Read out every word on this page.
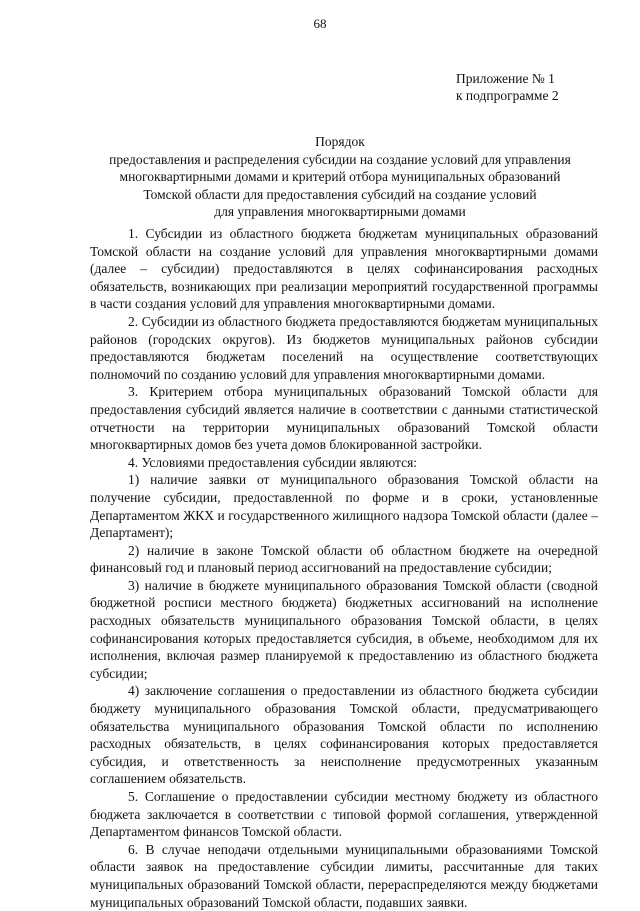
68
Приложение № 1
к подпрограмме 2
Порядок
предоставления и распределения субсидии на создание условий для управления
многоквартирными домами и критерий отбора муниципальных образований
Томской области для предоставления субсидий на создание условий
для управления многоквартирными домами

1. Субсидии из областного бюджета бюджетам муниципальных образований Томской области на создание условий для управления многоквартирными домами (далее – субсидии) предоставляются в целях софинансирования расходных обязательств, возникающих при реализации мероприятий государственной программы в части создания условий для управления многоквартирными домами.

2. Субсидии из областного бюджета предоставляются бюджетам муниципальных районов (городских округов). Из бюджетов муниципальных районов субсидии предоставляются бюджетам поселений на осуществление соответствующих полномочий по созданию условий для управления многоквартирными домами.

3. Критерием отбора муниципальных образований Томской области для предоставления субсидий является наличие в соответствии с данными статистической отчетности на территории муниципальных образований Томской области многоквартирных домов без учета домов блокированной застройки.

4. Условиями предоставления субсидии являются:

1) наличие заявки от муниципального образования Томской области на получение субсидии, предоставленной по форме и в сроки, установленные Департаментом ЖКХ и государственного жилищного надзора Томской области (далее – Департамент);

2) наличие в законе Томской области об областном бюджете на очередной финансовый год и плановый период ассигнований на предоставление субсидии;

3) наличие в бюджете муниципального образования Томской области (сводной бюджетной росписи местного бюджета) бюджетных ассигнований на исполнение расходных обязательств муниципального образования Томской области, в целях софинансирования которых предоставляется субсидия, в объеме, необходимом для их исполнения, включая размер планируемой к предоставлению из областного бюджета субсидии;

4) заключение соглашения о предоставлении из областного бюджета субсидии бюджету муниципального образования Томской области, предусматривающего обязательства муниципального образования Томской области по исполнению расходных обязательств, в целях софинансирования которых предоставляется субсидия, и ответственность за неисполнение предусмотренных указанным соглашением обязательств.

5. Соглашение о предоставлении субсидии местному бюджету из областного бюджета заключается в соответствии с типовой формой соглашения, утвержденной Департаментом финансов Томской области.

6. В случае неподачи отдельными муниципальными образованиями Томской области заявок на предоставление субсидии лимиты, рассчитанные для таких муниципальных образований Томской области, перераспределяются между бюджетами муниципальных образований Томской области, подавших заявки.
